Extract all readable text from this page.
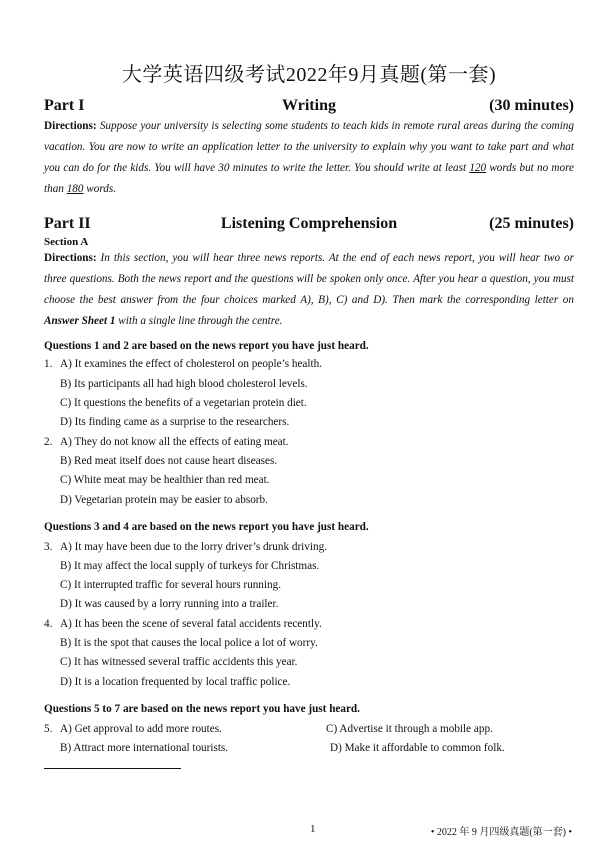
大学英语四级考试2022年9月真题(第一套)
Part I	Writing	(30 minutes)
Directions: Suppose your university is selecting some students to teach kids in remote rural areas during the coming vacation. You are now to write an application letter to the university to explain why you want to take part and what you can do for the kids. You will have 30 minutes to write the letter. You should write at least 120 words but no more than 180 words.
Part II	Listening Comprehension	(25 minutes)
Section A
Directions: In this section, you will hear three news reports. At the end of each news report, you will hear two or three questions. Both the news report and the questions will be spoken only once. After you hear a question, you must choose the best answer from the four choices marked A), B), C) and D). Then mark the corresponding letter on Answer Sheet 1 with a single line through the centre.
Questions 1 and 2 are based on the news report you have just heard.
1. A) It examines the effect of cholesterol on people’s health.
B) Its participants all had high blood cholesterol levels.
C) It questions the benefits of a vegetarian protein diet.
D) Its finding came as a surprise to the researchers.
2. A) They do not know all the effects of eating meat.
B) Red meat itself does not cause heart diseases.
C) White meat may be healthier than red meat.
D) Vegetarian protein may be easier to absorb.
Questions 3 and 4 are based on the news report you have just heard.
3. A) It may have been due to the lorry driver’s drunk driving.
B) It may affect the local supply of turkeys for Christmas.
C) It interrupted traffic for several hours running.
D) It was caused by a lorry running into a trailer.
4. A) It has been the scene of several fatal accidents recently.
B) It is the spot that causes the local police a lot of worry.
C) It has witnessed several traffic accidents this year.
D) It is a location frequented by local traffic police.
Questions 5 to 7 are based on the news report you have just heard.
5. A) Get approval to add more routes.	C) Advertise it through a mobile app.
B) Attract more international tourists.	D) Make it affordable to common folk.
1	• 2022 年 9 月四级真题(第一套) •
